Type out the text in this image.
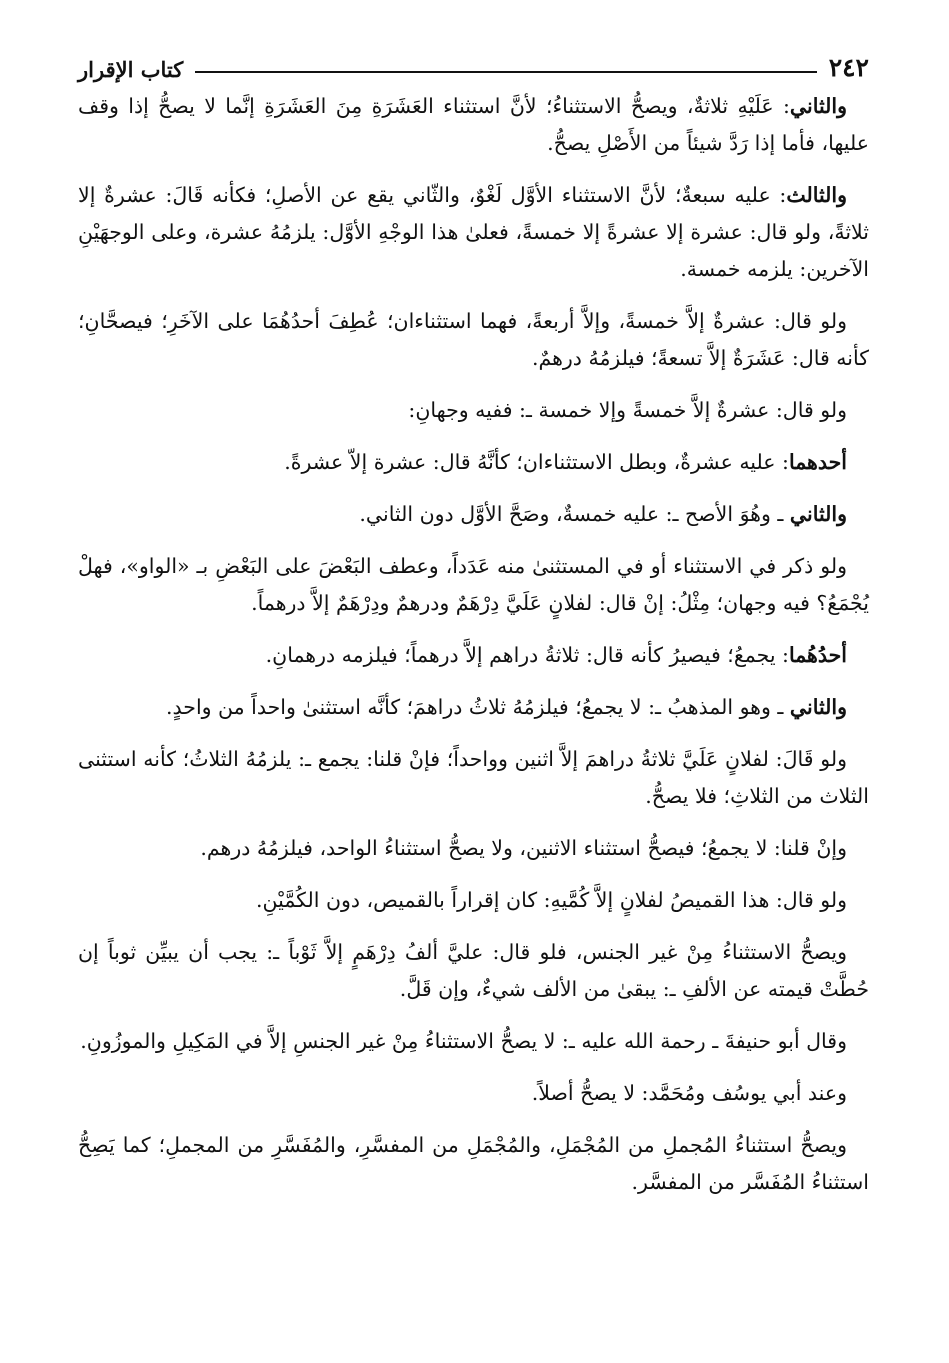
٢٤٢
كتاب الإقرار

والثاني: عَلَيْهِ ثلاثةٌ، ويصحُّ الاستثناءُ؛ لأنَّ استثناء العَشَرَةِ مِنَ العَشَرَةِ إنَّما لا يصحُّ إذا وقف عليها، فأما إذا رَدَّ شيئاً من الأَصْلِ يصحُّ.

والثالث: عليه سبعةٌ؛ لأنَّ الاستثناء الأوَّل لَغْوٌ، والثّاني يقع عن الأصلِ؛ فكأنه قَالَ: عشرةٌ إلا ثلاثةً، ولو قال: عشرة إلا عشرةً إلا خمسةً، فعلىٰ هذا الوجْهِ الأوَّل: يلزمُهُ عشرة، وعلى الوجهَيْنِ الآخرين: يلزمه خمسة.

ولو قال: عشرةٌ إلاَّ خمسةً، وإلاَّ أربعةً، فهما استثناءان؛ عُطِفَ أحدُهُمَا على الآخَرِ؛ فيصحَّانِ؛ كأنه قال: عَشَرَةٌ إلاَّ تسعةً؛ فيلزمُهُ درهمٌ.

ولو قال: عشرةٌ إلاَّ خمسةً وإلا خمسة ـ: ففيه وجهانِ:

أحدهما: عليه عشرةٌ، وبطل الاستثناءان؛ كأنَّهُ قال: عشرة إلاّ عشرةً.

والثاني ـ وهُوَ الأصح ـ: عليه خمسةٌ، وصَحَّ الأوَّل دون الثاني.

ولو ذكر في الاستثناء أو في المستثنىٰ منه عَدَداً، وعطف البَعْضَ على البَعْضِ بـ «الواو»، فهلْ يُجْمَعُ؟ فيه وجهان؛ مِثْلُ: إنْ قال: لفلانٍ عَلَيَّ دِرْهَمٌ ودرهمٌ ودِرْهَمٌ إلاَّ درهماً.

أحدُهُما: يجمعُ؛ فيصيرُ كأنه قال: ثلاثةُ دراهم إلاَّ درهماً؛ فيلزمه درهمانِ.

والثاني ـ وهو المذهبُ ـ: لا يجمعُ؛ فيلزمُهُ ثلاثُ دراهمَ؛ كأنَّه استثنىٰ واحداً من واحدٍ.

ولو قَالَ: لفلانٍ عَلَيَّ ثلاثةُ دراهمَ إلاَّ اثنين وواحداً؛ فإنْ قلنا: يجمع ـ: يلزمُهُ الثلاثُ؛ كأنه استثنى الثلاث من الثلاثِ؛ فلا يصحُّ.

وإنْ قلنا: لا يجمعُ؛ فيصحُّ استثناء الاثنين، ولا يصحُّ استثناءُ الواحد، فيلزمُهُ درهم.

ولو قال: هذا القميصُ لفلانٍ إلاَّ كُمَّيهِ: كان إقراراً بالقميص، دون الكُمَّيْنِ.

ويصحُّ الاستثناءُ مِنْ غير الجنس، فلو قال: عليَّ ألفُ دِرْهَمٍ إلاَّ ثَوْباً ـ: يجب أن يبيِّن ثوباً إن حُطَّتْ قيمته عن الألفِ ـ: يبقىٰ من الألف شيءٌ، وإن قَلَّ.

وقال أبو حنيفةَ ـ رحمة الله عليه ـ: لا يصحُّ الاستثناءُ مِنْ غير الجنسِ إلاَّ في المَكِيلِ والموزُونِ.

وعند أبي يوسُف ومُحَمَّد: لا يصحُّ أصلاً.

ويصحُّ استثناءُ المُجملِ من المُجْمَلِ، والمُجْمَلِ من المفسَّرِ، والمُفَسَّرِ من المجملِ؛ كما يَصِحُّ استثناءُ المُفَسَّر من المفسَّر.
